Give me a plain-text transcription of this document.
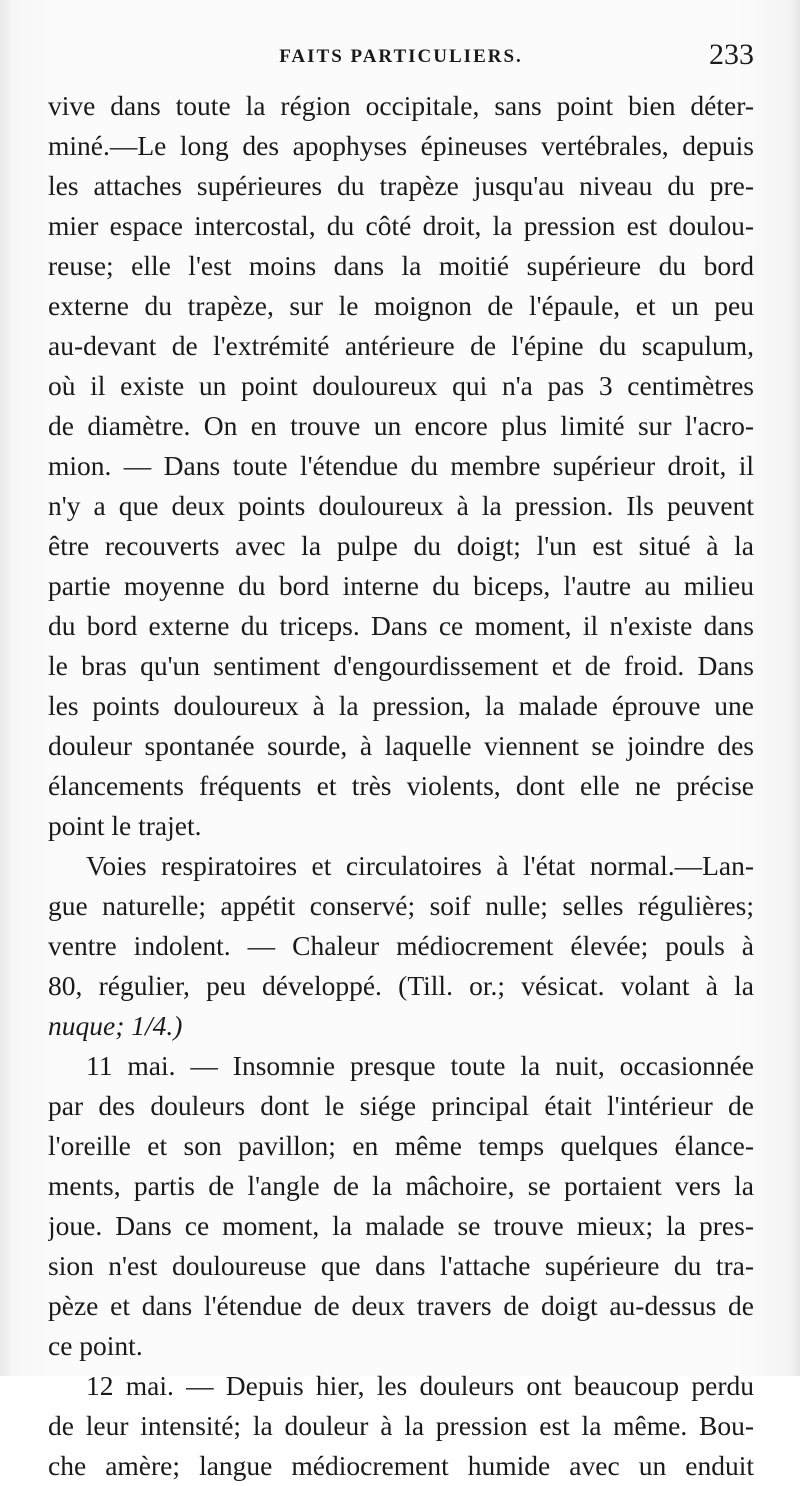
FAITS PARTICULIERS.	233
vive dans toute la région occipitale, sans point bien déter-
miné.—Le long des apophyses épineuses vertébrales, depuis
les attaches supérieures du trapèze jusqu'au niveau du pre-
mier espace intercostal, du côté droit, la pression est doulou-
reuse; elle l'est moins dans la moitié supérieure du bord
externe du trapèze, sur le moignon de l'épaule, et un peu
au-devant de l'extrémité antérieure de l'épine du scapulum,
où il existe un point douloureux qui n'a pas 3 centimètres
de diamètre. On en trouve un encore plus limité sur l'acro-
mion. — Dans toute l'étendue du membre supérieur droit, il
n'y a que deux points douloureux à la pression. Ils peuvent
être recouverts avec la pulpe du doigt; l'un est situé à la
partie moyenne du bord interne du biceps, l'autre au milieu
du bord externe du triceps. Dans ce moment, il n'existe dans
le bras qu'un sentiment d'engourdissement et de froid. Dans
les points douloureux à la pression, la malade éprouve une
douleur spontanée sourde, à laquelle viennent se joindre des
élancements fréquents et très violents, dont elle ne précise
point le trajet.
Voies respiratoires et circulatoires à l'état normal.—Lan-
gue naturelle; appétit conservé; soif nulle; selles régulières;
ventre indolent. — Chaleur médiocrement élevée; pouls à
80, régulier, peu développé. (Till. or.; vésicat. volant à la
nuque; 1/4.)
11 mai. — Insomnie presque toute la nuit, occasionnée
par des douleurs dont le siége principal était l'intérieur de
l'oreille et son pavillon; en même temps quelques élance-
ments, partis de l'angle de la mâchoire, se portaient vers la
joue. Dans ce moment, la malade se trouve mieux; la pres-
sion n'est douloureuse que dans l'attache supérieure du tra-
pèze et dans l'étendue de deux travers de doigt au-dessus de
ce point.
12 mai. — Depuis hier, les douleurs ont beaucoup perdu
de leur intensité; la douleur à la pression est la même. Bou-
che amère; langue médiocrement humide avec un enduit
